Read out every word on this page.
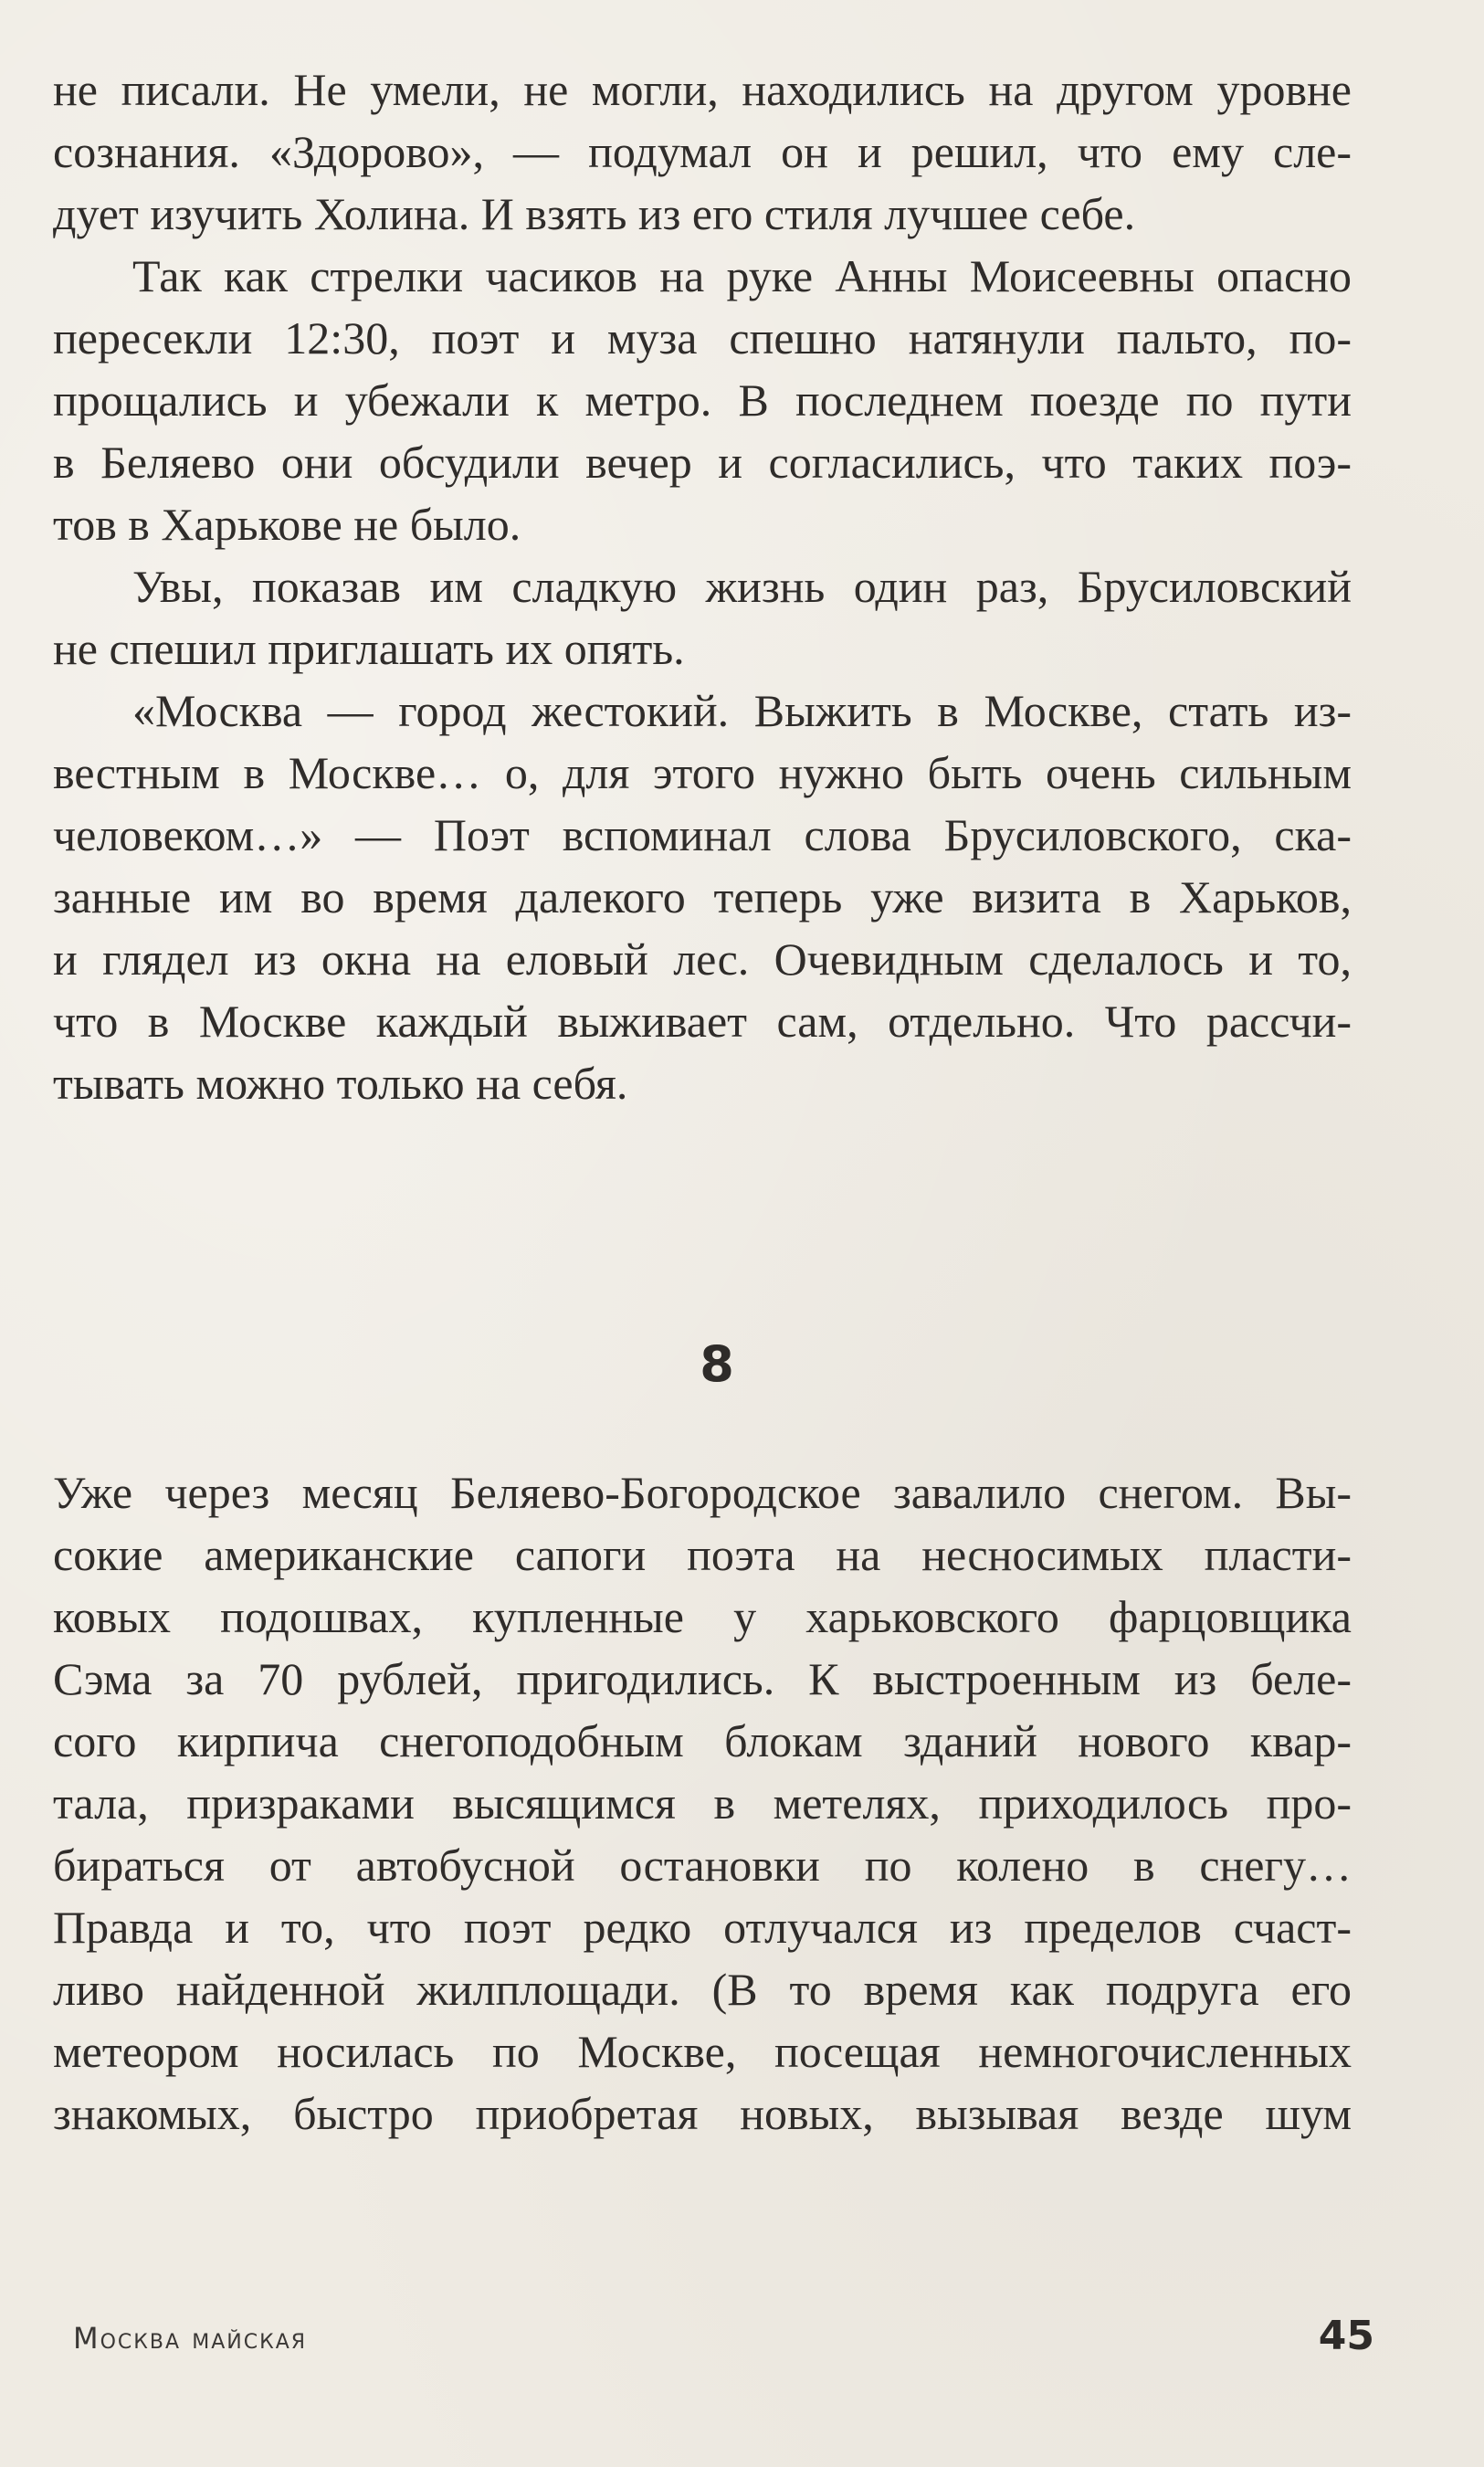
не писали. Не умели, не могли, находились на другом уровне
сознания. «Здорово», — подумал он и решил, что ему сле-
дует изучить Холина. И взять из его стиля лучшее себе.
Так как стрелки часиков на руке Анны Моисеевны опасно
пересекли 12:30, поэт и муза спешно натянули пальто, по-
прощались и убежали к метро. В последнем поезде по пути
в Беляево они обсудили вечер и согласились, что таких поэ-
тов в Харькове не было.
Увы, показав им сладкую жизнь один раз, Брусиловский
не спешил приглашать их опять.
«Москва — город жестокий. Выжить в Москве, стать из-
вестным в Москве… о, для этого нужно быть очень сильным
человеком…» — Поэт вспоминал слова Брусиловского, ска-
занные им во время далекого теперь уже визита в Харьков,
и глядел из окна на еловый лес. Очевидным сделалось и то,
что в Москве каждый выживает сам, отдельно. Что рассчи-
тывать можно только на себя.
8
Уже через месяц Беляево-Богородское завалило снегом. Вы-
сокие американские сапоги поэта на несносимых пласти-
ковых подошвах, купленные у харьковского фарцовщика
Сэма за 70 рублей, пригодились. К выстроенным из беле-
сого кирпича снегоподобным блокам зданий нового квар-
тала, призраками высящимся в метелях, приходилось про-
бираться от автобусной остановки по колено в снегу…
Правда и то, что поэт редко отлучался из пределов счаст-
ливо найденной жилплощади. (В то время как подруга его
метеором носилась по Москве, посещая немногочисленных
знакомых, быстро приобретая новых, вызывая везде шум
Москва майская	45
